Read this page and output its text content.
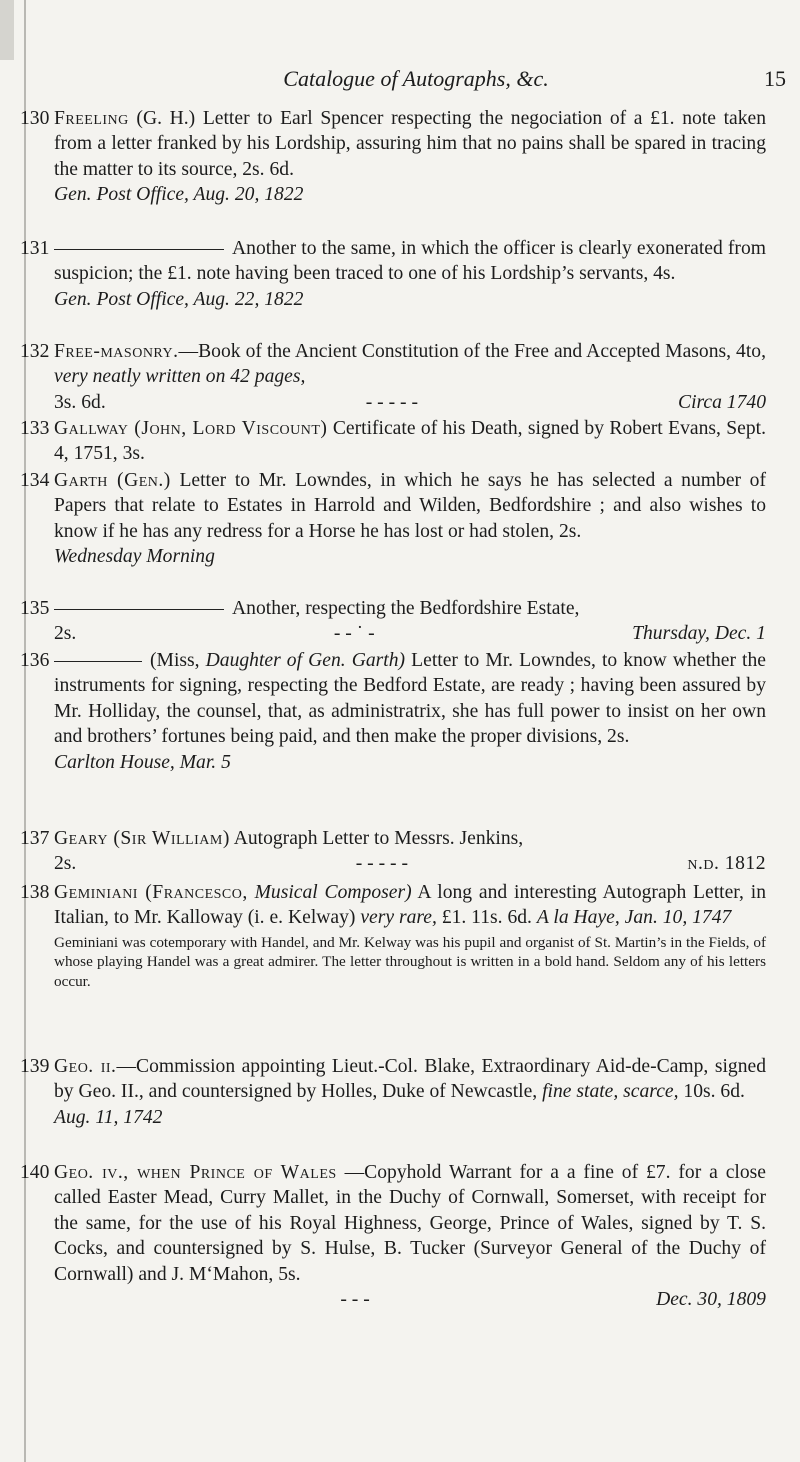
Catalogue of Autographs, &c.	15
130 Freeling (G. H.) Letter to Earl Spencer respecting the negociation of a £1. note taken from a letter franked by his Lordship, assuring him that no pains shall be spared in tracing the matter to its source, 2s. 6d.

Gen. Post Office, Aug. 20, 1822

131	Another to the same, in which the officer is clearly exonerated from suspicion; the £1. note having been traced to one of his Lordship’s servants, 4s.

Gen. Post Office, Aug. 22, 1822

132 Free-masonry.—Book of the Ancient Constitution of the Free and Accepted Masons, 4to, very neatly written on 42 pages,

3s. 6d.	- - - - -	Circa 1740
133 Gallway (John, Lord Viscount) Certificate of his Death, signed by Robert Evans, Sept. 4, 1751, 3s.

134 Garth (Gen.) Letter to Mr. Lowndes, in which he says he has selected a number of Papers that relate to Estates in Harrold and Wilden, Bedfordshire ; and also wishes to know if he has any redress for a Horse he has lost or had stolen, 2s.

Wednesday Morning

135	Another, respecting the Bedfordshire Estate,

2s.	- - ˙ -	Thursday, Dec. 1
136	(Miss, Daughter of Gen. Garth) Letter to Mr. Lowndes, to know whether the instruments for signing, respecting the Bedford Estate, are ready ; having been assured by Mr. Holliday, the counsel, that, as administratrix, she has full power to insist on her own and brothers’ fortunes being paid, and then make the proper divisions, 2s.

Carlton House, Mar. 5

137 Geary (Sir William) Autograph Letter to Messrs. Jenkins,

2s.	- - - - -	n.d. 1812
138 Geminiani (Francesco, Musical Composer) A long and interesting Autograph Letter, in Italian, to Mr. Kalloway (i. e. Kelway) very rare, £1. 11s. 6d. A la Haye, Jan. 10, 1747

Geminiani was cotemporary with Handel, and Mr. Kelway was his pupil and organist of St. Martin’s in the Fields, of whose playing Handel was a great admirer. The letter throughout is written in a bold hand. Seldom any of his letters occur.

139 Geo. ii.—Commission appointing Lieut.-Col. Blake, Extraordinary Aid-de-Camp, signed by Geo. II., and countersigned by Holles, Duke of Newcastle, fine state, scarce, 10s. 6d.

Aug. 11, 1742

140 Geo. iv., when Prince of Wales —Copyhold Warrant for a a fine of £7. for a close called Easter Mead, Curry Mallet, in the Duchy of Cornwall, Somerset, with receipt for the same, for the use of his Royal Highness, George, Prince of Wales, signed by T. S. Cocks, and countersigned by S. Hulse, B. Tucker (Surveyor General of the Duchy of Cornwall) and J. M‘Mahon, 5s.

- - -	Dec. 30, 1809
